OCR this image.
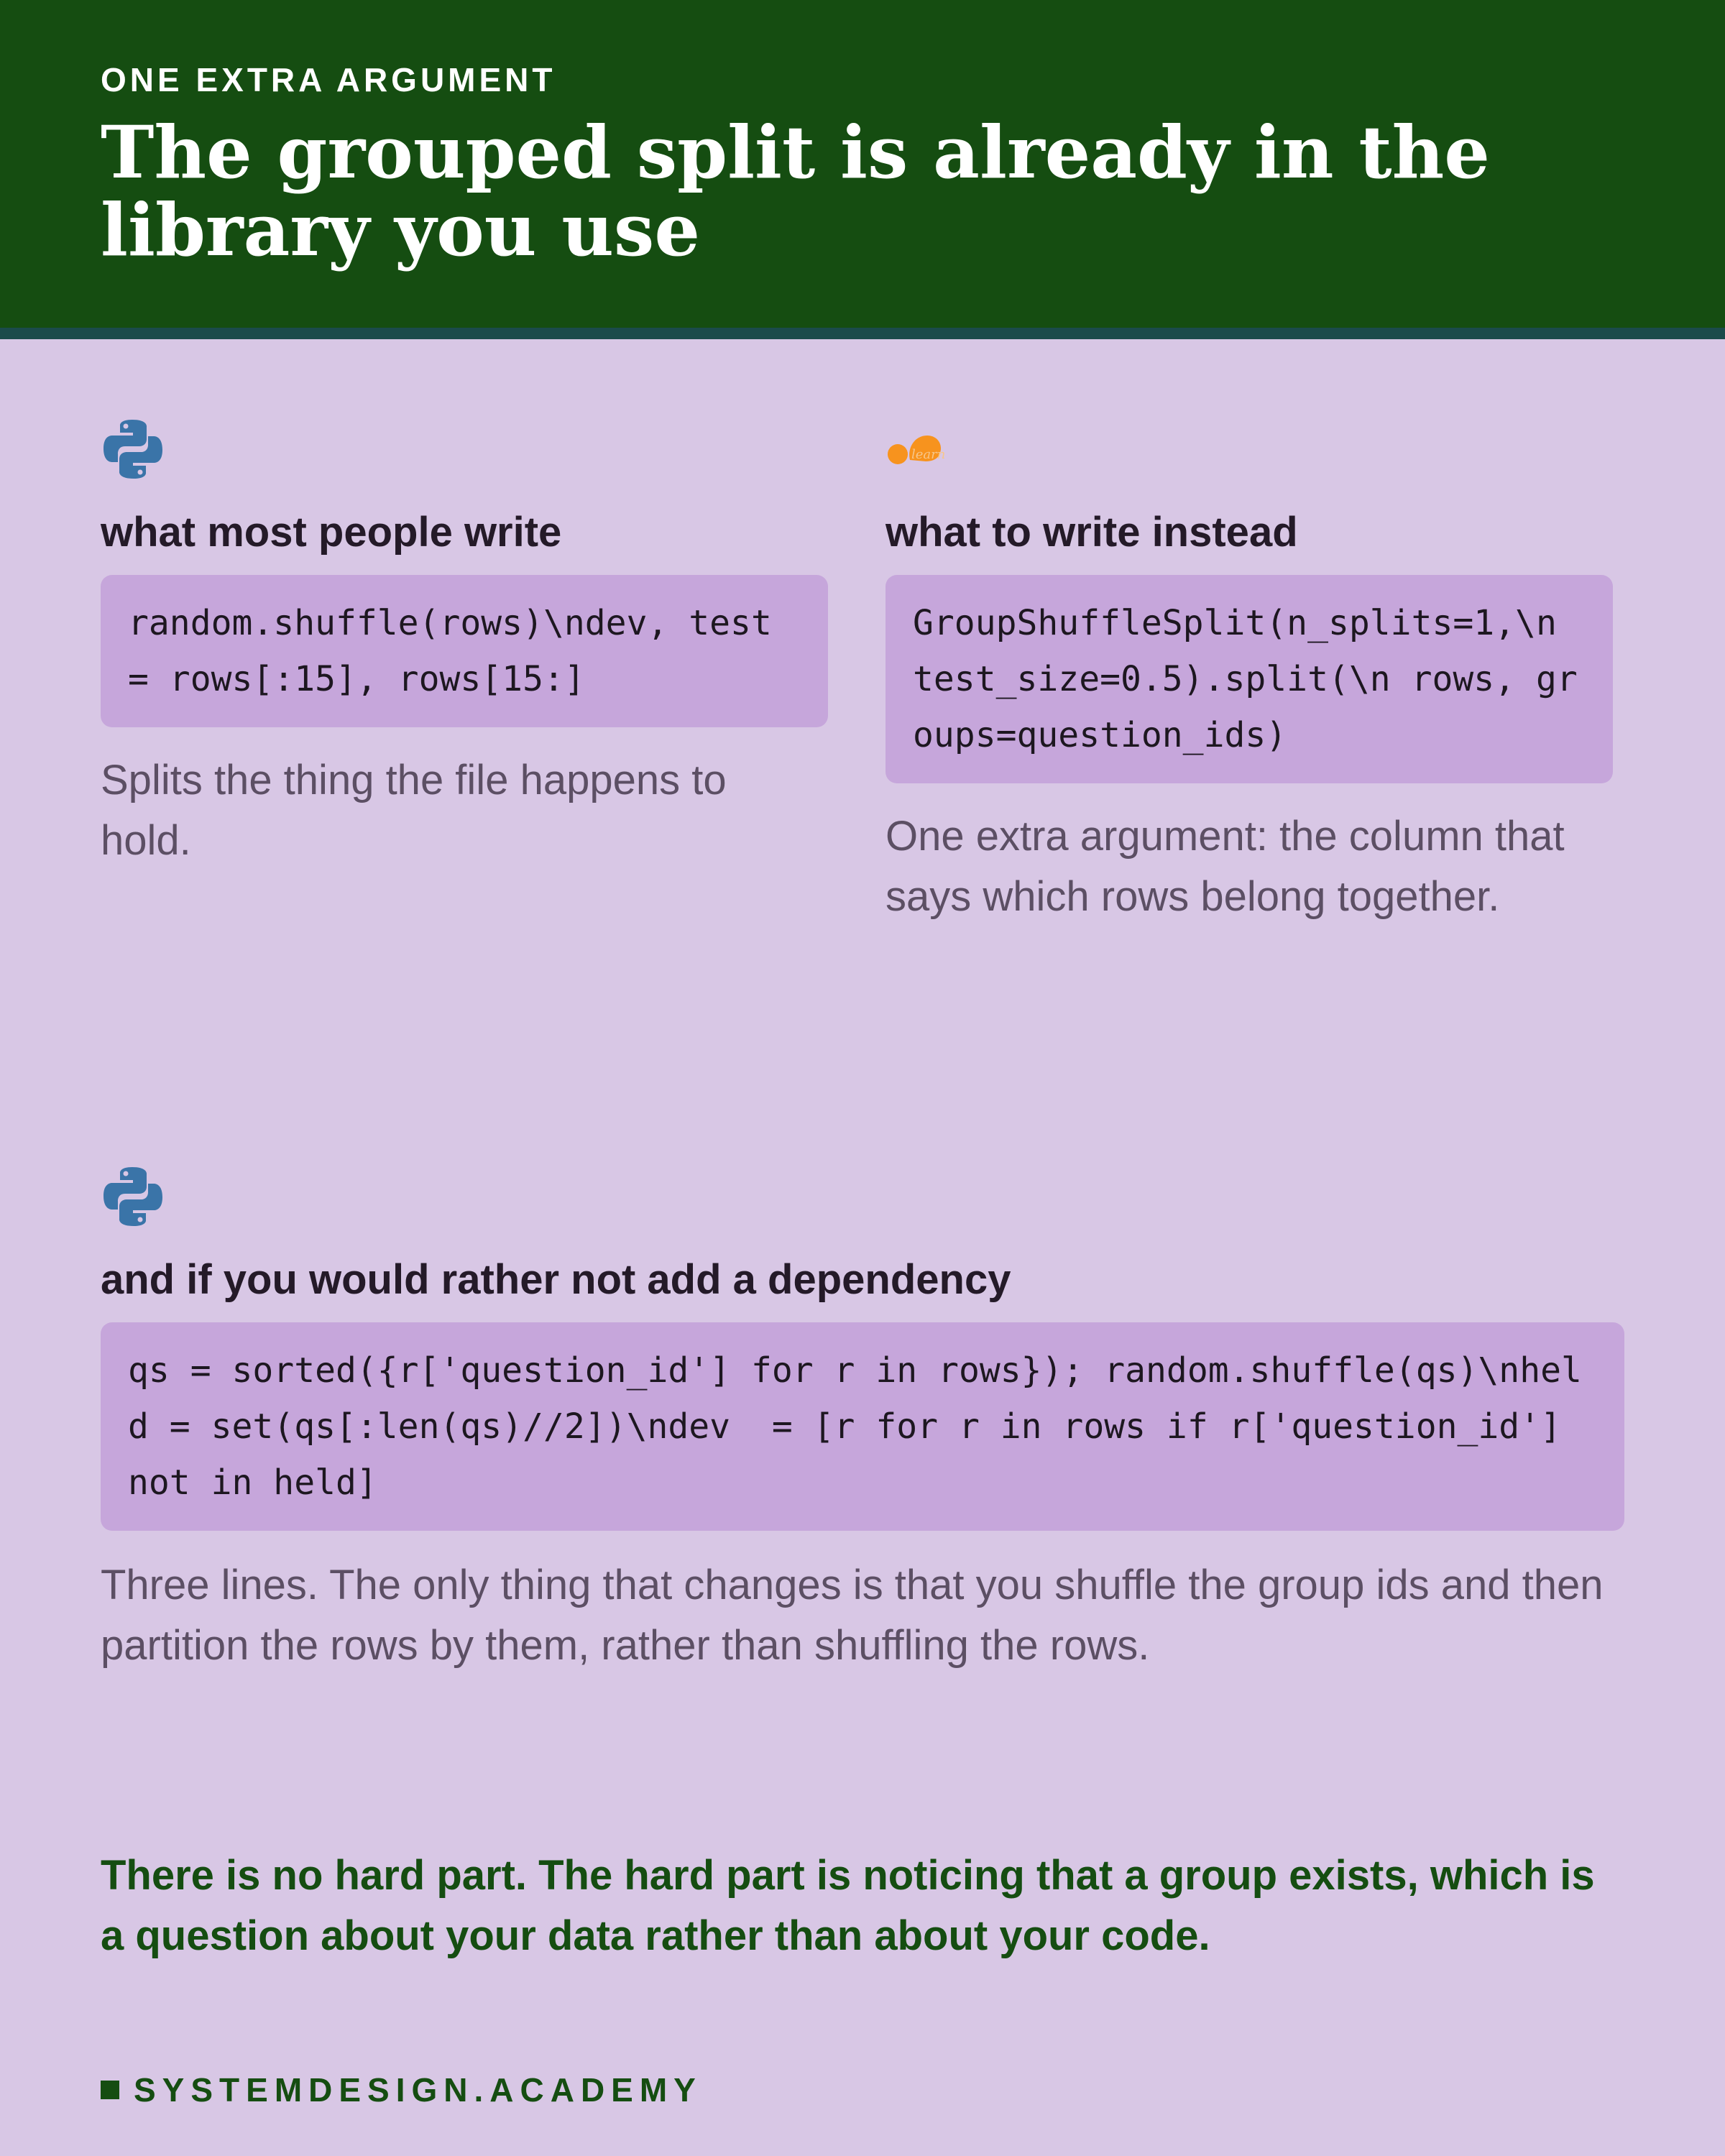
ONE EXTRA ARGUMENT
The grouped split is already in the library you use
what most people write
random.shuffle(rows)\ndev, test = rows[:15], rows[15:]

Splits the thing the file happens to hold.

learn
what to write instead
GroupShuffleSplit(n_splits=1,\n  test_size=0.5).split(\n rows, groups=question_ids)

One extra argument: the column that says which rows belong together.

and if you would rather not add a dependency
qs = sorted({r['question_id'] for r in rows}); random.shuffle(qs)\nheld = set(qs[:len(qs)//2])\ndev  = [r for r in rows if r['question_id'] not in held]

Three lines. The only thing that changes is that you shuffle the group ids and then partition the rows by them, rather than shuffling the rows.

There is no hard part. The hard part is noticing that a group exists, which is a question about your data rather than about your code.

SYSTEMDESIGN.ACADEMY
